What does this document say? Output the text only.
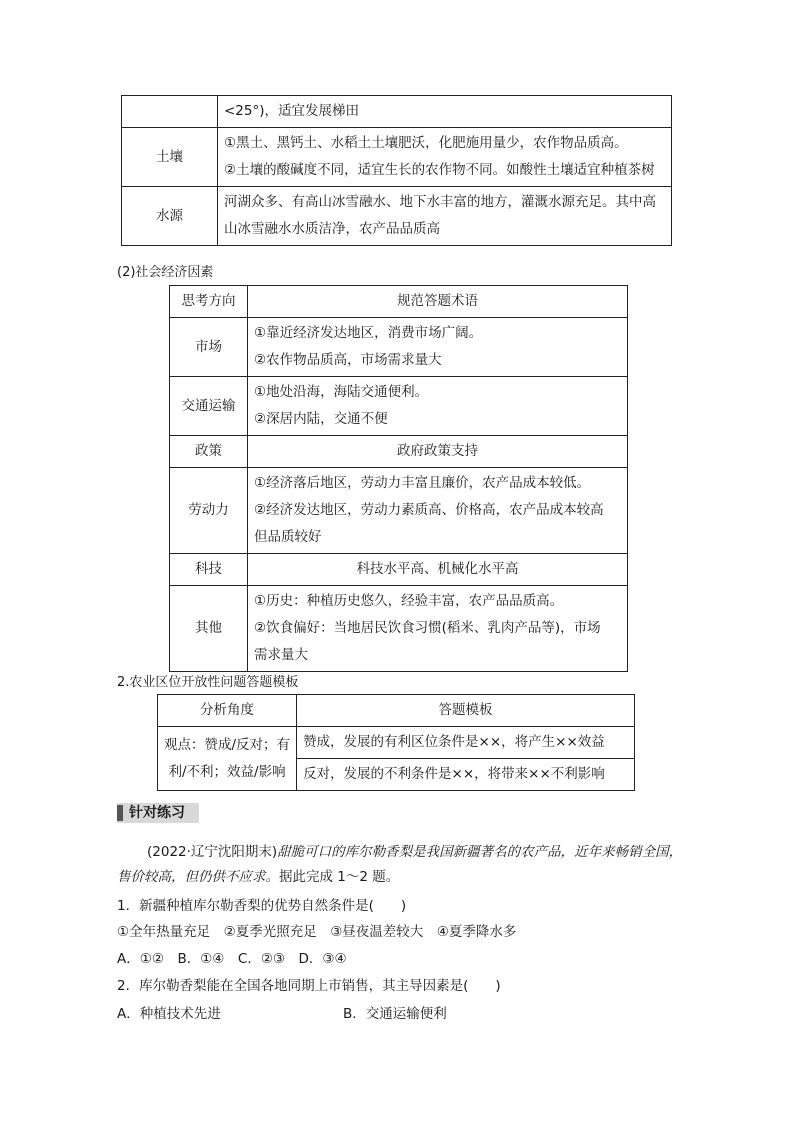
	<25°)，适宜发展梯田

土壤	①黑土、黑钙土、水稻土土壤肥沃，化肥施用量少，农作物品质高。
②土壤的酸碱度不同，适宜生长的农作物不同。如酸性土壤适宜种植茶树

水源	河湖众多、有高山冰雪融水、地下水丰富的地方，灌溉水源充足。其中高
山冰雪融水水质洁净，农产品品质高
(2)社会经济因素
思考方向	规范答题术语
市场	①靠近经济发达地区，消费市场广阔。
②农作物品质高，市场需求量大

交通运输	①地处沿海，海陆交通便利。
②深居内陆，交通不便

政策	政府政策支持
劳动力	①经济落后地区，劳动力丰富且廉价，农产品成本较低。
②经济发达地区，劳动力素质高、价格高，农产品成本较高
但品质较好

科技	科技水平高、机械化水平高
其他	①历史：种植历史悠久，经验丰富，农产品品质高。
②饮食偏好：当地居民饮食习惯(稻米、乳肉产品等)，市场
需求量大
2.农业区位开放性问题答题模板
分析角度	答题模板

观点：赞成/反对；有
利/不利；效益/影响	赞成，发展的有利区位条件是××，将产生××效益
	反对，发展的不利条件是××，将带来××不利影响
针对练习
(2022·辽宁沈阳期末)甜脆可口的库尔勒香梨是我国新疆著名的农产品，近年来畅销全国，
售价较高，但仍供不应求。据此完成 1～2 题。
1．新疆种植库尔勒香梨的优势自然条件是(　　)
①全年热量充足　②夏季光照充足　③昼夜温差较大　④夏季降水多
A．①②　B．①④　C．②③　D．③④
2．库尔勒香梨能在全国各地同期上市销售，其主导因素是(　　)
A．种植技术先进	B．交通运输便利
